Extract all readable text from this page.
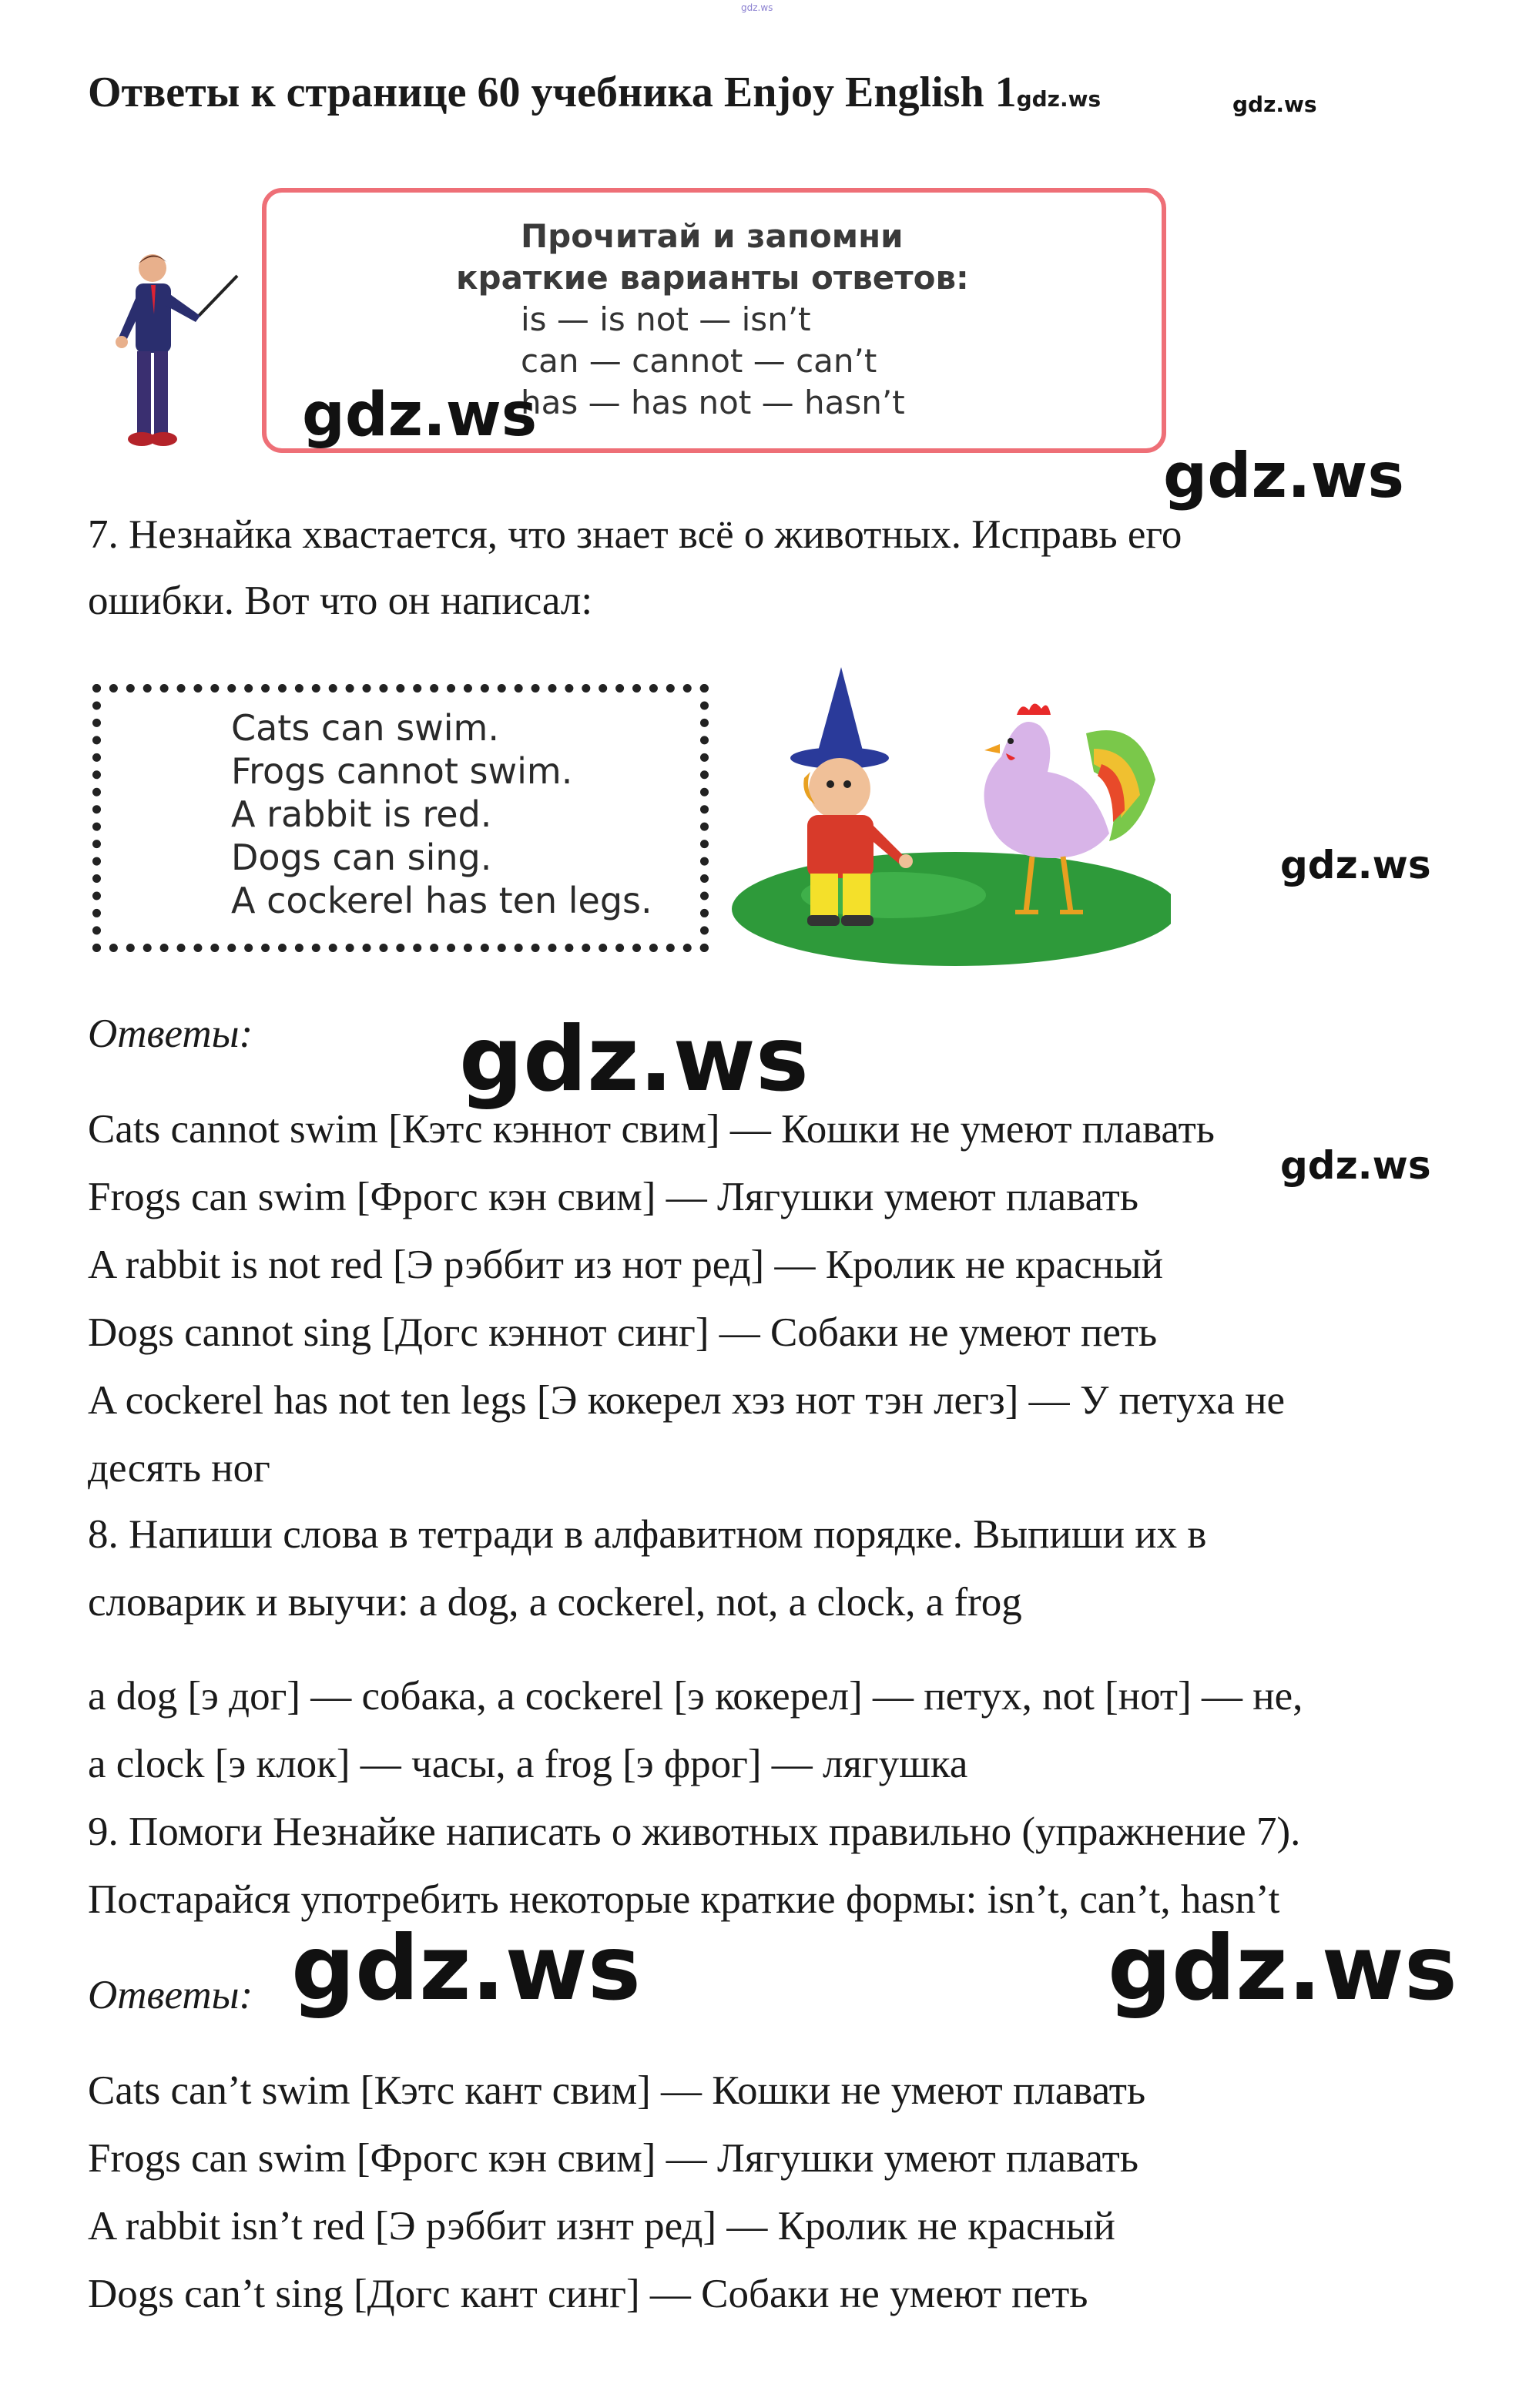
gdz.ws
Ответы к странице 60 учебника Enjoy English 1gdz.ws	gdz.ws
Прочитай и запомни
краткие варианты ответов:
is — is not — isn’t
can — cannot — can’t
has — has not — hasn’t
gdz.ws
gdz.ws
7. Незнайка хвастается, что знает всё о животных. Исправь его
ошибки. Вот что он написал:
Cats can swim.
Frogs cannot swim.
A rabbit is red.
Dogs can sing.
A cockerel has ten legs.
gdz.ws
Ответы: gdz.ws
Cats cannot swim [Кэтс кэннот свим] — Кошки не умеют плавать
gdz.ws
Frogs can swim [Фрогс кэн свим] — Лягушки умеют плавать
A rabbit is not red [Э рэббит из нот ред] — Кролик не красный
Dogs cannot sing [Догс кэннот синг] — Собаки не умеют петь
A cockerel has not ten legs [Э кокерел хэз нот тэн легз] — У петуха не
десять ног
8. Напиши слова в тетради в алфавитном порядке. Выпиши их в
словарик и выучи: a dog, a cockerel, not, a clock, a frog
a dog [э дог] — собака, a cockerel [э кокерел] — петух, not [нот] — не,
a clock [э клок] — часы, a frog [э фрог] — лягушка
9. Помоги Незнайке написать о животных правильно (упражнение 7).
Постарайся употребить некоторые краткие формы: isn’t, can’t, hasn’t
Ответы: gdz.ws	gdz.ws
Cats can’t swim [Кэтс кант свим] — Кошки не умеют плавать
Frogs can swim [Фрогс кэн свим] — Лягушки умеют плавать
A rabbit isn’t red [Э рэббит изнт ред] — Кролик не красный
Dogs can’t sing [Догс кант синг] — Собаки не умеют петь
